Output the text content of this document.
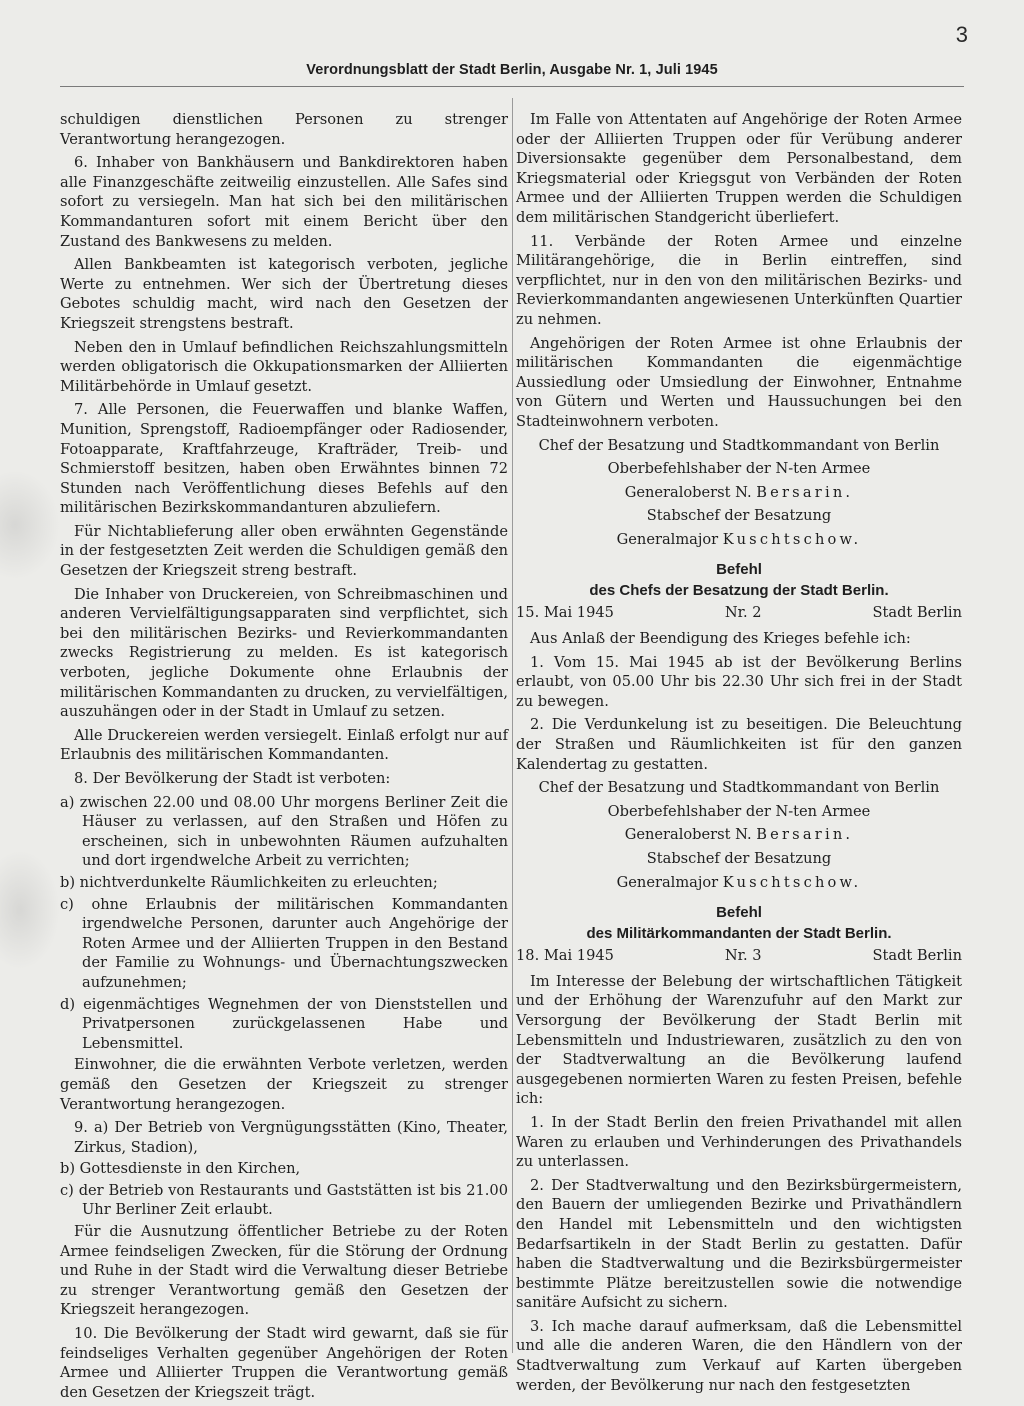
3
Verordnungsblatt der Stadt Berlin, Ausgabe Nr. 1, Juli 1945

schuldigen dienstlichen Personen zu strenger Verantwortung herangezogen.

6. Inhaber von Bankhäusern und Bankdirektoren haben alle Finanzgeschäfte zeitweilig einzustellen. Alle Safes sind sofort zu versiegeln. Man hat sich bei den militärischen Kommandanturen sofort mit einem Bericht über den Zustand des Bankwesens zu melden.

Allen Bankbeamten ist kategorisch verboten, jegliche Werte zu entnehmen. Wer sich der Übertretung dieses Gebotes schuldig macht, wird nach den Gesetzen der Kriegszeit strengstens bestraft.

Neben den in Umlauf befindlichen Reichszahlungsmitteln werden obligatorisch die Okkupationsmarken der Alliierten Militärbehörde in Umlauf gesetzt.

7. Alle Personen, die Feuerwaffen und blanke Waffen, Munition, Sprengstoff, Radioempfänger oder Radiosender, Fotoapparate, Kraftfahrzeuge, Krafträder, Treib- und Schmierstoff besitzen, haben oben Erwähntes binnen 72 Stunden nach Veröffentlichung dieses Befehls auf den militärischen Bezirkskommandanturen abzuliefern.

Für Nichtablieferung aller oben erwähnten Gegenstände in der festgesetzten Zeit werden die Schuldigen gemäß den Gesetzen der Kriegszeit streng bestraft.

Die Inhaber von Druckereien, von Schreibmaschinen und anderen Vervielfältigungsapparaten sind verpflichtet, sich bei den militärischen Bezirks- und Revierkommandanten zwecks Registrierung zu melden. Es ist kategorisch verboten, jegliche Dokumente ohne Erlaubnis der militärischen Kommandanten zu drucken, zu vervielfältigen, auszuhängen oder in der Stadt in Umlauf zu setzen.

Alle Druckereien werden versiegelt. Einlaß erfolgt nur auf Erlaubnis des militärischen Kommandanten.

8. Der Bevölkerung der Stadt ist verboten:

a) zwischen 22.00 und 08.00 Uhr morgens Berliner Zeit die Häuser zu verlassen, auf den Straßen und Höfen zu erscheinen, sich in unbewohnten Räumen aufzuhalten und dort irgendwelche Arbeit zu verrichten;
b) nichtverdunkelte Räumlichkeiten zu erleuchten;
c) ohne Erlaubnis der militärischen Kommandanten irgendwelche Personen, darunter auch Angehörige der Roten Armee und der Alliierten Truppen in den Bestand der Familie zu Wohnungs- und Übernachtungszwecken aufzunehmen;
d) eigenmächtiges Wegnehmen der von Dienststellen und Privatpersonen zurückgelassenen Habe und Lebensmittel.

Einwohner, die die erwähnten Verbote verletzen, werden gemäß den Gesetzen der Kriegszeit zu strenger Verantwortung herangezogen.

9. a) Der Betrieb von Vergnügungsstätten (Kino, Theater, Zirkus, Stadion),
b) Gottesdienste in den Kirchen,
c) der Betrieb von Restaurants und Gaststätten ist bis 21.00 Uhr Berliner Zeit erlaubt.

Für die Ausnutzung öffentlicher Betriebe zu der Roten Armee feindseligen Zwecken, für die Störung der Ordnung und Ruhe in der Stadt wird die Verwaltung dieser Betriebe zu strenger Verantwortung gemäß den Gesetzen der Kriegszeit herangezogen.

10. Die Bevölkerung der Stadt wird gewarnt, daß sie für feindseliges Verhalten gegenüber Angehörigen der Roten Armee und Alliierter Truppen die Verantwortung gemäß den Gesetzen der Kriegszeit trägt.

Im Falle von Attentaten auf Angehörige der Roten Armee oder der Alliierten Truppen oder für Verübung anderer Diversionsakte gegenüber dem Personalbestand, dem Kriegsmaterial oder Kriegsgut von Verbänden der Roten Armee und der Alliierten Truppen werden die Schuldigen dem militärischen Standgericht überliefert.

11. Verbände der Roten Armee und einzelne Militärangehörige, die in Berlin eintreffen, sind verpflichtet, nur in den von den militärischen Bezirks- und Revierkommandanten angewiesenen Unterkünften Quartier zu nehmen.

Angehörigen der Roten Armee ist ohne Erlaubnis der militärischen Kommandanten die eigenmächtige Aussiedlung oder Umsiedlung der Einwohner, Entnahme von Gütern und Werten und Haussuchungen bei den Stadteinwohnern verboten.

Chef der Besatzung und Stadtkommandant von Berlin
Oberbefehlshaber der N-ten Armee
Generaloberst N. Bersarin.
Stabschef der Besatzung
Generalmajor Kuschtschow.
Befehl
des Chefs der Besatzung der Stadt Berlin.
15. Mai 1945	Nr. 2	Stadt Berlin

Aus Anlaß der Beendigung des Krieges befehle ich:

1. Vom 15. Mai 1945 ab ist der Bevölkerung Berlins erlaubt, von 05.00 Uhr bis 22.30 Uhr sich frei in der Stadt zu bewegen.

2. Die Verdunkelung ist zu beseitigen. Die Beleuchtung der Straßen und Räumlichkeiten ist für den ganzen Kalendertag zu gestatten.

Chef der Besatzung und Stadtkommandant von Berlin
Oberbefehlshaber der N-ten Armee
Generaloberst N. Bersarin.
Stabschef der Besatzung
Generalmajor Kuschtschow.
Befehl
des Militärkommandanten der Stadt Berlin.
18. Mai 1945	Nr. 3	Stadt Berlin

Im Interesse der Belebung der wirtschaftlichen Tätigkeit und der Erhöhung der Warenzufuhr auf den Markt zur Versorgung der Bevölkerung der Stadt Berlin mit Lebensmitteln und Industriewaren, zusätzlich zu den von der Stadtverwaltung an die Bevölkerung laufend ausgegebenen normierten Waren zu festen Preisen, befehle ich:

1. In der Stadt Berlin den freien Privathandel mit allen Waren zu erlauben und Verhinderungen des Privathandels zu unterlassen.

2. Der Stadtverwaltung und den Bezirksbürgermeistern, den Bauern der umliegenden Bezirke und Privathändlern den Handel mit Lebensmitteln und den wichtigsten Bedarfsartikeln in der Stadt Berlin zu gestatten. Dafür haben die Stadtverwaltung und die Bezirksbürgermeister bestimmte Plätze bereitzustellen sowie die notwendige sanitäre Aufsicht zu sichern.

3. Ich mache darauf aufmerksam, daß die Lebensmittel und alle die anderen Waren, die den Händlern von der Stadtverwaltung zum Verkauf auf Karten übergeben werden, der Bevölkerung nur nach den festgesetzten
